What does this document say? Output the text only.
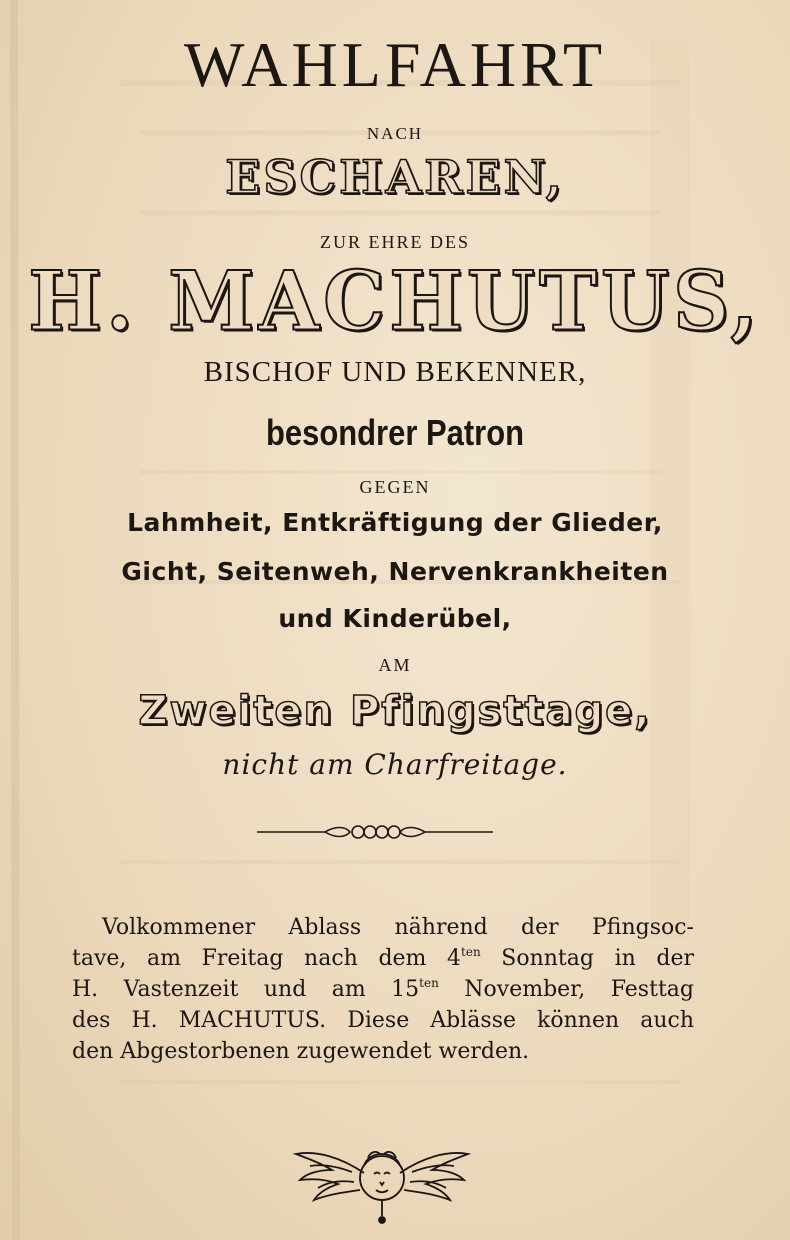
WAHLFAHRT
NACH
ESCHAREN,
ZUR EHRE DES
H. MACHUTUS,
BISCHOF UND BEKENNER,
besondrer Patron
GEGEN
Lahmheit, Entkräftigung der Glieder,
Gicht, Seitenweh, Nervenkrankheiten
und Kinderübel,
AM
Zweiten Pfingsttage,
nicht am Charfreitage.
Volkommener Ablass nährend der Pfingsoc-
tave, am Freitag nach dem $4^{ten}$ Sonntag in der
H. Vastenzeit und am $15^{ten}$ November, Festtag
des H. MACHUTUS. Diese Ablässe können auch
den Abgestorbenen zugewendet werden.
